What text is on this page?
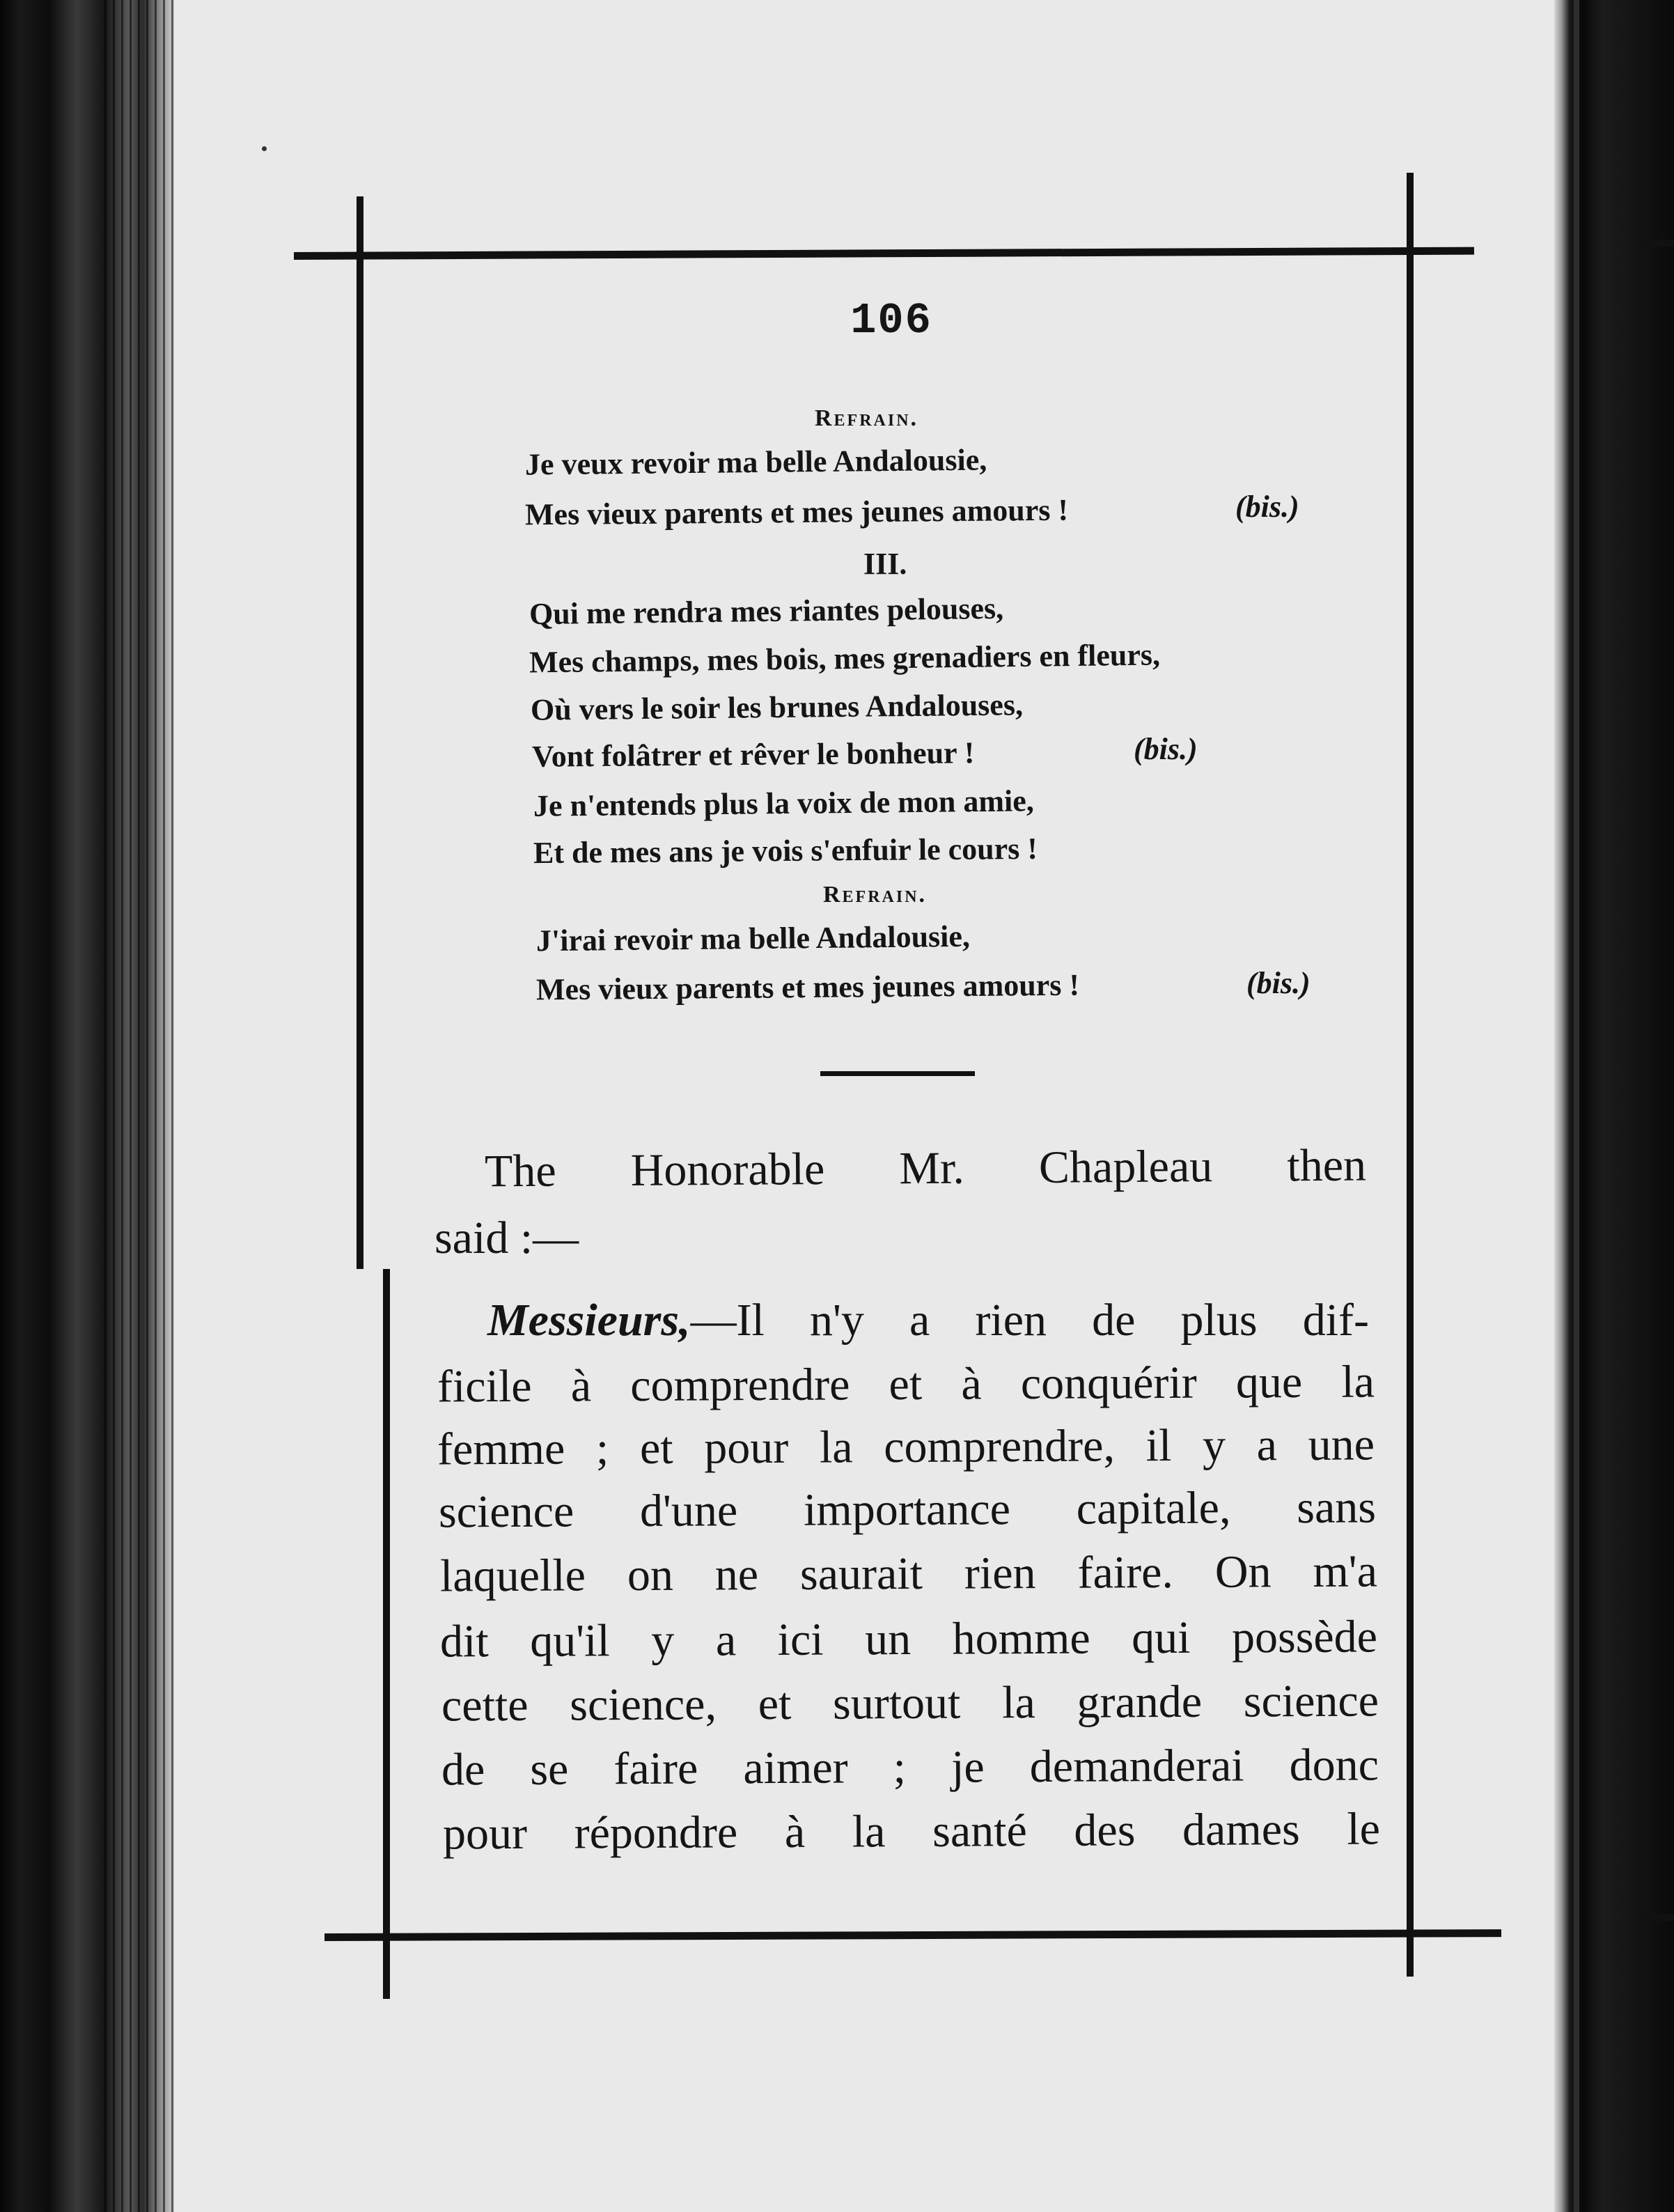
106
Refrain.
Je veux revoir ma belle Andalousie,
Mes vieux parents et mes jeunes amours !	(bis.)
III.
Qui me rendra mes riantes pelouses,
Mes champs, mes bois, mes grenadiers en fleurs,
Où vers le soir les brunes Andalouses,
Vont folâtrer et rêver le bonheur !	(bis.)
Je n'entends plus la voix de mon amie,
Et de mes ans je vois s'enfuir le cours !
Refrain.
J'irai revoir ma belle Andalousie,
Mes vieux parents et mes jeunes amours !	(bis.)
The Honorable Mr. Chapleau then
said :—
Messieurs, —Il n'y a rien de plus dif-
ficile à comprendre et à conquérir que la
femme ; et pour la comprendre, il y a une
science d'une importance capitale, sans
laquelle on ne saurait rien faire. On m'a
dit qu'il y a ici un homme qui possède
cette science, et surtout la grande science
de se faire aimer ; je demanderai donc
pour répondre à la santé des dames le
